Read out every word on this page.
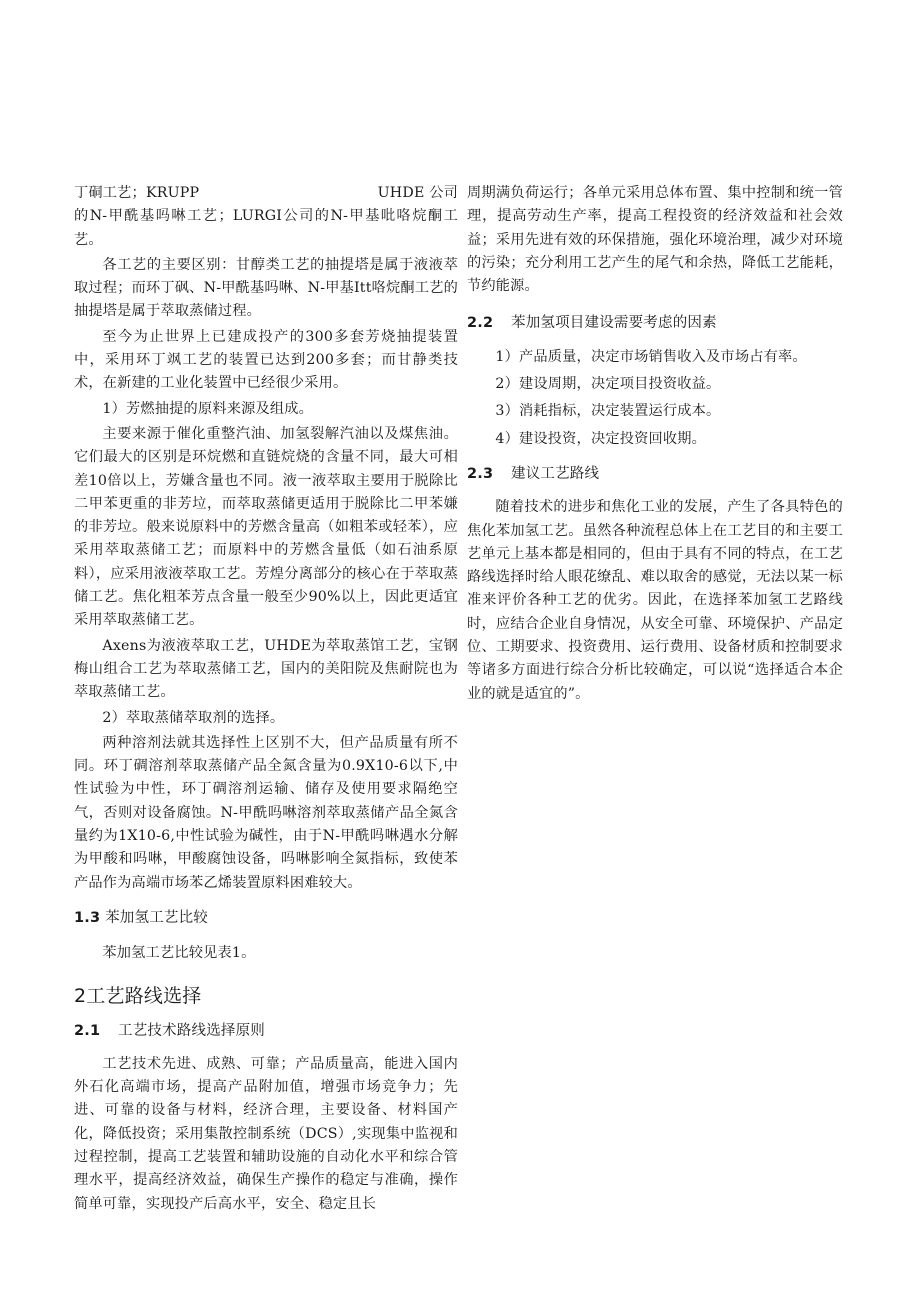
丁硐工艺；KRUPP	UHDE 公司

的N-甲酰基吗啉工艺；LURGI公司的N-甲基吡咯烷酮工艺。

各工艺的主要区别：甘醇类工艺的抽提塔是属于液液萃取过程；而环丁砜、N-甲酰基吗啉、N-甲基Itt咯烷酮工艺的抽提塔是属于萃取蒸储过程。

至今为止世界上已建成投产的300多套芳烧抽提装置中，采用环丁飒工艺的装置已达到200多套；而甘静类技术，在新建的工业化装置中已经很少采用。

1）芳燃抽提的原料来源及组成。

主要来源于催化重整汽油、加氢裂解汽油以及煤焦油。它们最大的区别是环烷燃和直链烷烧的含量不同，最大可相差10倍以上，芳嫌含量也不同。液一液萃取主要用于脱除比二甲苯更重的非芳垃，而萃取蒸储更适用于脱除比二甲苯嫌的非芳垃。般来说原料中的芳燃含量高（如粗苯或轻苯），应采用萃取蒸储工艺；而原料中的芳燃含量低（如石油系原料），应采用液液萃取工艺。芳煌分离部分的核心在于萃取蒸储工艺。焦化粗苯芳点含量一般至少90%以上，因此更适宜采用萃取蒸储工艺。

Axens为液液萃取工艺，UHDE为萃取蒸馆工艺，宝钢梅山组合工艺为萃取蒸储工艺，国内的美阳院及焦耐院也为萃取蒸储工艺。

2）萃取蒸储萃取剂的选择。

两种溶剂法就其选择性上区别不大，但产品质量有所不同。环丁碉溶剂萃取蒸储产品全氮含量为0.9X10-6以下,中性试验为中性，环丁碉溶剂运输、储存及使用要求隔绝空气，否则对设备腐蚀。N-甲酰吗啉溶剂萃取蒸储产品全氮含量约为1X10-6,中性试验为碱性，由于N-甲酰吗啉遇水分解为甲酸和吗啉，甲酸腐蚀设备，吗啉影响全氮指标，致使苯产品作为高端市场苯乙烯装置原料困难较大。

1.3 苯加氢工艺比较

苯加氢工艺比较见表1。

2工艺路线选择
2.1	工艺技术路线选择原则

工艺技术先进、成熟、可靠；产品质量高，能进入国内外石化高端市场，提高产品附加值，增强市场竞争力；先进、可靠的设备与材料，经济合理，主要设备、材料国产化，降低投资；采用集散控制系统（DCS）,实现集中监视和过程控制，提高工艺装置和辅助设施的自动化水平和综合管理水平，提高经济效益，确保生产操作的稳定与准确，操作简单可靠，实现投产后高水平，安全、稳定且长

周期满负荷运行；各单元采用总体布置、集中控制和统一管理，提高劳动生产率，提高工程投资的经济效益和社会效益；采用先进有效的环保措施，强化环境治理，减少对环境的污染；充分利用工艺产生的尾气和余热，降低工艺能耗，节约能源。

2.2	苯加氢项目建设需要考虑的因素

1）产品质量，决定市场销售收入及市场占有率。

2）建设周期，决定项目投资收益。

3）消耗指标，决定装置运行成本。

4）建设投资，决定投资回收期。

2.3	建议工艺路线

随着技术的进步和焦化工业的发展，产生了各具特色的焦化苯加氢工艺。虽然各种流程总体上在工艺目的和主要工艺单元上基本都是相同的，但由于具有不同的特点，在工艺路线选择时给人眼花缭乱、难以取舍的感觉，无法以某一标准来评价各种工艺的优劣。因此，在选择苯加氢工艺路线时，应结合企业自身情况，从安全可靠、环境保护、产品定位、工期要求、投资费用、运行费用、设备材质和控制要求等诸多方面进行综合分析比较确定，可以说“选择适合本企业的就是适宜的”。
